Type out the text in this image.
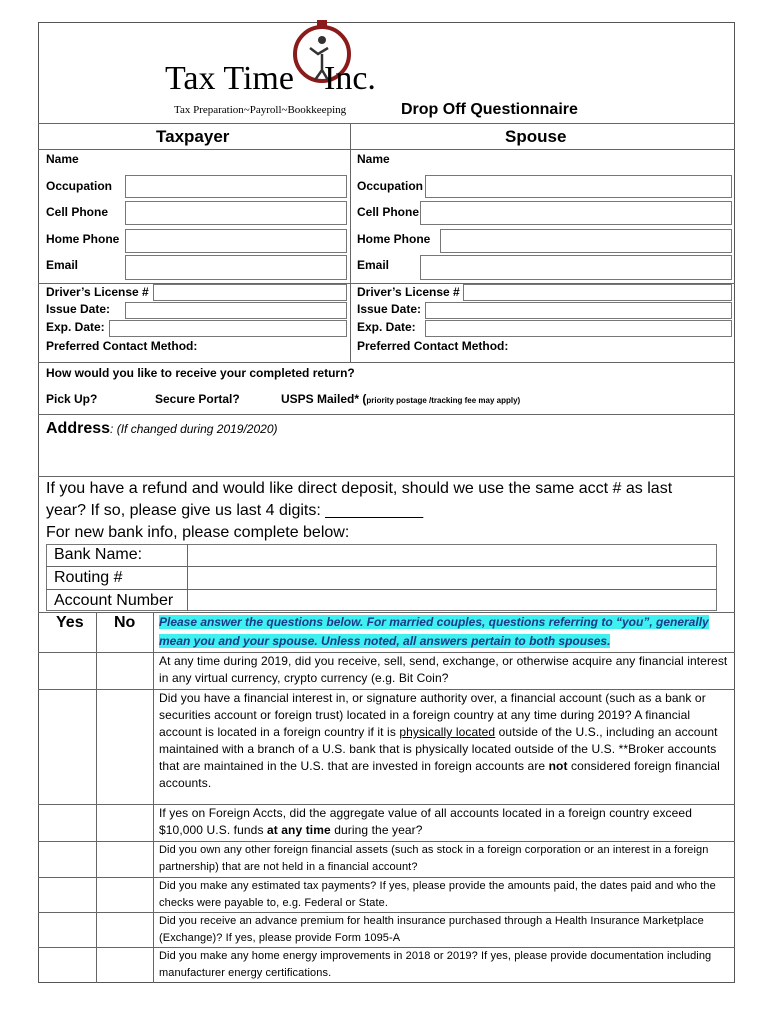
Tax Time Inc.
Tax Preparation~Payroll~Bookkeeping	Drop Off Questionnaire
Taxpayer	Spouse
Name
Occupation
Cell Phone
Home Phone
Email
Driver’s License #
Issue Date:
Exp. Date:
Preferred Contact Method:
Name
Occupation
Cell Phone
Home Phone
Email
Driver’s License #
Issue Date:
Exp. Date:
Preferred Contact Method:
How would you like to receive your completed return?
Pick Up?	Secure Portal?	USPS Mailed* (priority postage /tracking fee may apply)
Address: (If changed during 2019/2020)
If you have a refund and would like direct deposit, should we use the same acct # as last
year? If so, please give us last 4 digits: ___________
For new bank info, please complete below:
Bank Name:
Routing #
Account Number
Yes No Please answer the questions below. For married couples, questions referring to “you”, generally mean you and your spouse. Unless noted, all answers pertain to both spouses.
At any time during 2019, did you receive, sell, send, exchange, or otherwise acquire any financial interest in any virtual currency, crypto currency (e.g. Bit Coin?
Did you have a financial interest in, or signature authority over, a financial account (such as a bank or securities account or foreign trust) located in a foreign country at any time during 2019? A financial account is located in a foreign country if it is physically located outside of the U.S., including an account maintained with a branch of a U.S. bank that is physically located outside of the U.S. **Broker accounts that are maintained in the U.S. that are invested in foreign accounts are not considered foreign financial accounts.
If yes on Foreign Accts, did the aggregate value of all accounts located in a foreign country exceed $10,000 U.S. funds at any time during the year?
Did you own any other foreign financial assets (such as stock in a foreign corporation or an interest in a foreign partnership) that are not held in a financial account?
Did you make any estimated tax payments? If yes, please provide the amounts paid, the dates paid and who the checks were payable to, e.g. Federal or State.
Did you receive an advance premium for health insurance purchased through a Health Insurance Marketplace (Exchange)? If yes, please provide Form 1095-A
Did you make any home energy improvements in 2018 or 2019? If yes, please provide documentation including manufacturer energy certifications.
